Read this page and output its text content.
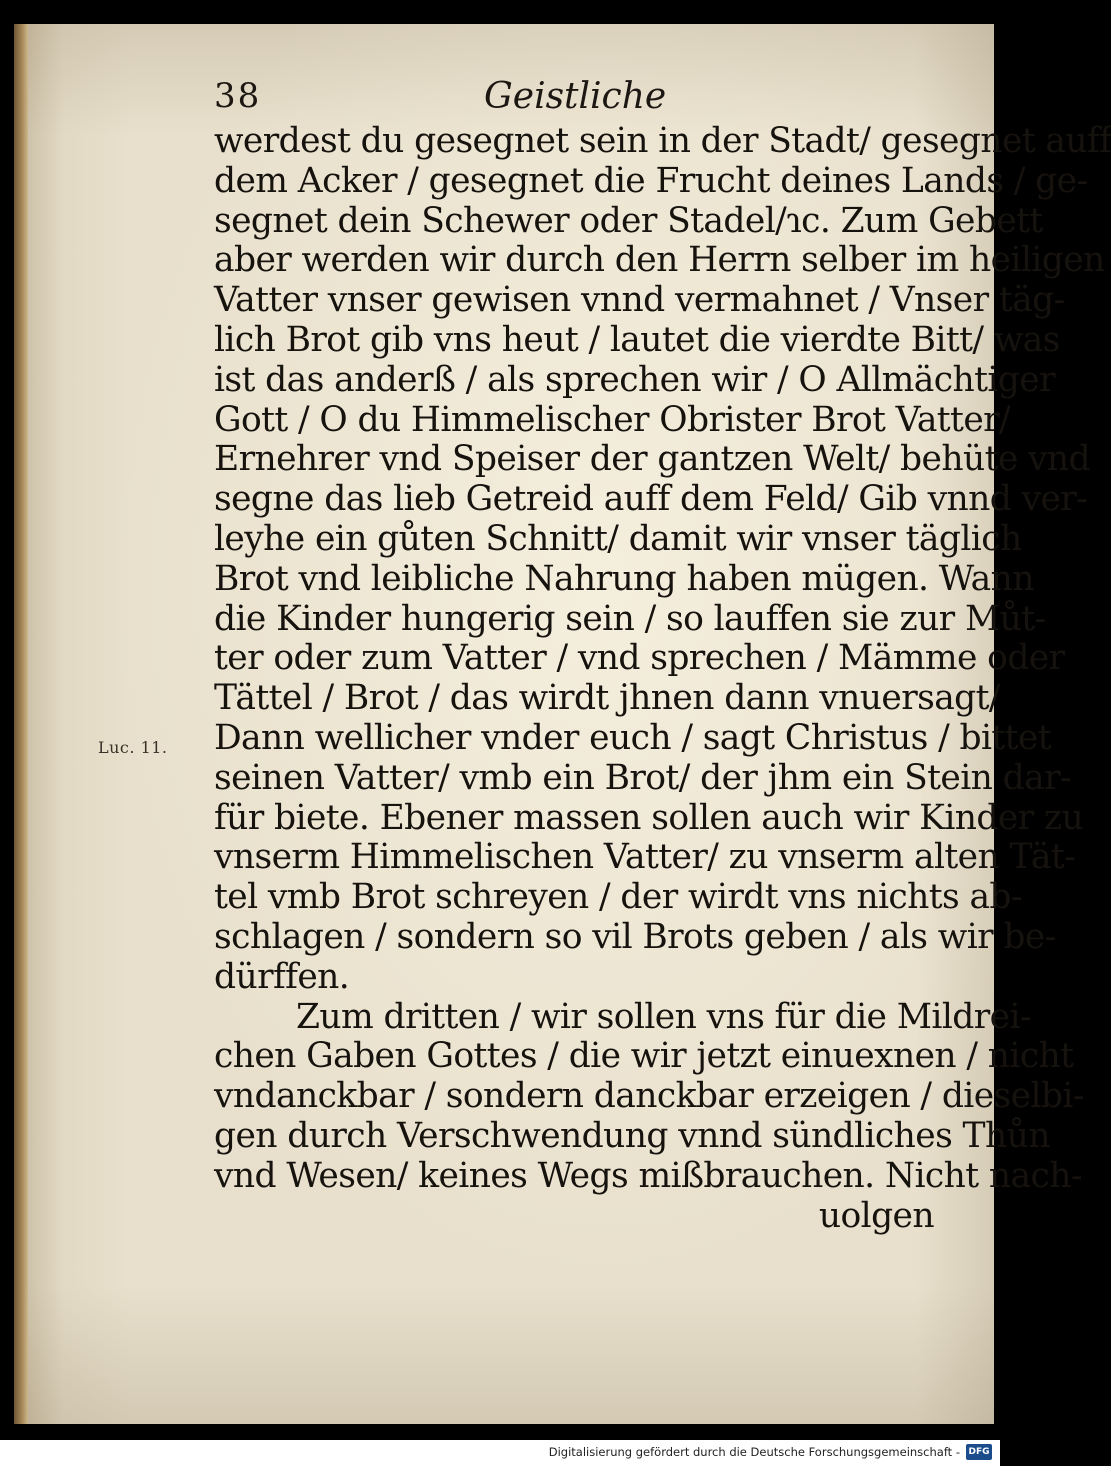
38	Geistliche
Luc. 11.
werdest du gesegnet sein in der Stadt/ gesegnet auff
dem Acker / gesegnet die Frucht deines Lands / ge-
segnet dein Schewer oder Stadel/ɿc. Zum Gebett
aber werden wir durch den Herrn selber im heiligen
Vatter vnser gewisen vnnd vermahnet / Vnser täg-
lich Brot gib vns heut / lautet die vierdte Bitt/ was
ist das anderß / als sprechen wir / O Allmächtiger
Gott / O du Himmelischer Obrister Brot Vatter/
Ernehrer vnd Speiser der gantzen Welt/ behüte vnd
segne das lieb Getreid auff dem Feld/ Gib vnnd ver-
leyhe ein gůten Schnitt/ damit wir vnser täglich
Brot vnd leibliche Nahrung haben mügen. Wann
die Kinder hungerig sein / so lauffen sie zur Můt-
ter oder zum Vatter / vnd sprechen / Mämme oder
Tättel / Brot / das wirdt jhnen dann vnuersagt/
Dann wellicher vnder euch / sagt Christus / bittet
seinen Vatter/ vmb ein Brot/ der jhm ein Stein dar-
für biete. Ebener massen sollen auch wir Kinder zu
vnserm Himmelischen Vatter/ zu vnserm alten Tät-
tel vmb Brot schreyen / der wirdt vns nichts ab-
schlagen / sondern so vil Brots geben / als wir be-
dürffen.
Zum dritten / wir sollen vns für die Mildrei-
chen Gaben Gottes / die wir jetzt einuexnen / nicht
vndanckbar / sondern danckbar erzeigen / dieselbi-
gen durch Verschwendung vnnd sündliches Thůn
vnd Wesen/ keines Wegs mißbrauchen. Nicht nach-
uolgen
Digitalisierung gefördert durch die Deutsche Forschungsgemeinschaft - DFG
